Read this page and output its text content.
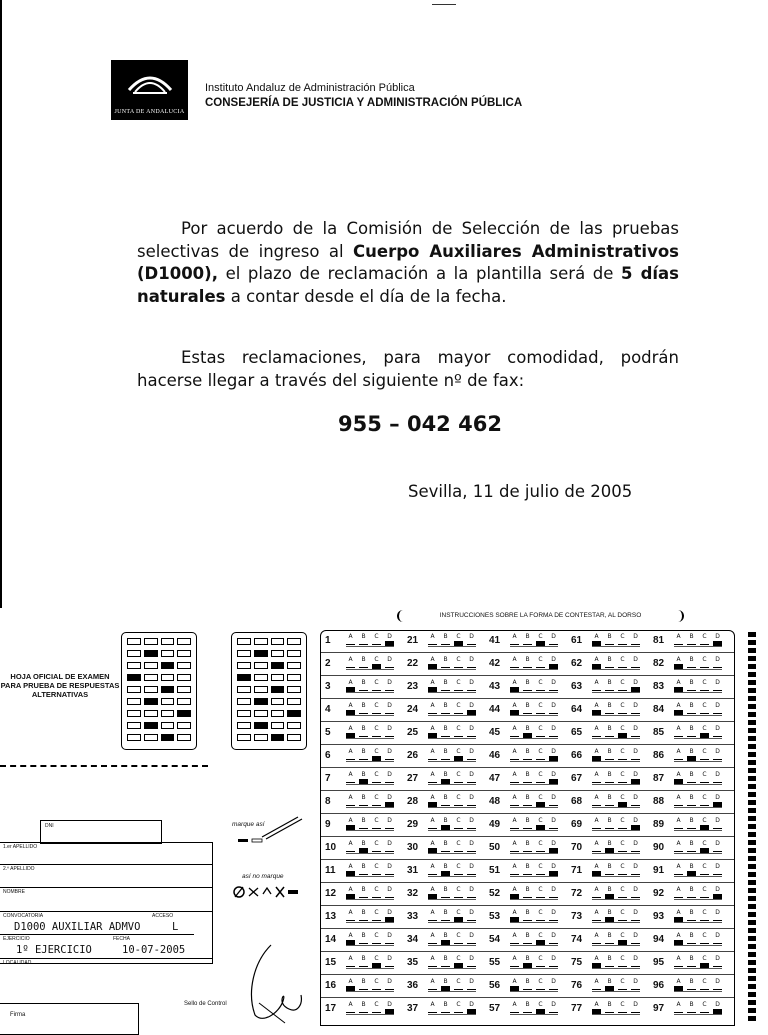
JUNTA DE ANDALUCIA
Instituto Andaluz de Administración Pública
CONSEJERÍA DE JUSTICIA Y ADMINISTRACIÓN PÚBLICA
Por acuerdo de la Comisión de Selección de las pruebas selectivas de ingreso al Cuerpo Auxiliares Administrativos (D1000), el plazo de reclamación a la plantilla será de 5 días naturales a contar desde el día de la fecha.
Estas reclamaciones, para mayor comodidad, podrán hacerse llegar a través del siguiente nº de fax:
955 – 042 462
Sevilla, 11 de julio de 2005
HOJA OFICIAL DE EXAMEN PARA PRUEBA DE RESPUESTAS ALTERNATIVAS
INSTRUCCIONES SOBRE LA FORMA DE CONTESTAR, AL DORSO
1	A	B	C	D
2	A	B	C	D
3	A	B	C	D
4	A	B	C	D
5	A	B	C	D
6	A	B	C	D
7	A	B	C	D
8	A	B	C	D
9	A	B	C	D
10	A	B	C	D
11	A	B	C	D
12	A	B	C	D
13	A	B	C	D
14	A	B	C	D
15	A	B	C	D
16	A	B	C	D
17	A	B	C	D
21	A	B	C	D
22	A	B	C	D
23	A	B	C	D
24	A	B	C	D
25	A	B	C	D
26	A	B	C	D
27	A	B	C	D
28	A	B	C	D
29	A	B	C	D
30	A	B	C	D
31	A	B	C	D
32	A	B	C	D
33	A	B	C	D
34	A	B	C	D
35	A	B	C	D
36	A	B	C	D
37	A	B	C	D
41	A	B	C	D
42	A	B	C	D
43	A	B	C	D
44	A	B	C	D
45	A	B	C	D
46	A	B	C	D
47	A	B	C	D
48	A	B	C	D
49	A	B	C	D
50	A	B	C	D
51	A	B	C	D
52	A	B	C	D
53	A	B	C	D
54	A	B	C	D
55	A	B	C	D
56	A	B	C	D
57	A	B	C	D
61	A	B	C	D
62	A	B	C	D
63	A	B	C	D
64	A	B	C	D
65	A	B	C	D
66	A	B	C	D
67	A	B	C	D
68	A	B	C	D
69	A	B	C	D
70	A	B	C	D
71	A	B	C	D
72	A	B	C	D
73	A	B	C	D
74	A	B	C	D
75	A	B	C	D
76	A	B	C	D
77	A	B	C	D
81	A	B	C	D
82	A	B	C	D
83	A	B	C	D
84	A	B	C	D
85	A	B	C	D
86	A	B	C	D
87	A	B	C	D
88	A	B	C	D
89	A	B	C	D
90	A	B	C	D
91	A	B	C	D
92	A	B	C	D
93	A	B	C	D
94	A	B	C	D
95	A	B	C	D
96	A	B	C	D
97	A	B	C	D
DNI
1.er APELLIDO
2.º APELLIDO
NOMBRE
CONVOCATORIA	ACCESO
D1000 AUXILIAR ADMVO	L
EJERCICIO	FECHA
1º EJERCICIO	10-07-2005
LOCALIDAD
Firma
Sello de Control
marque así
así no marque
